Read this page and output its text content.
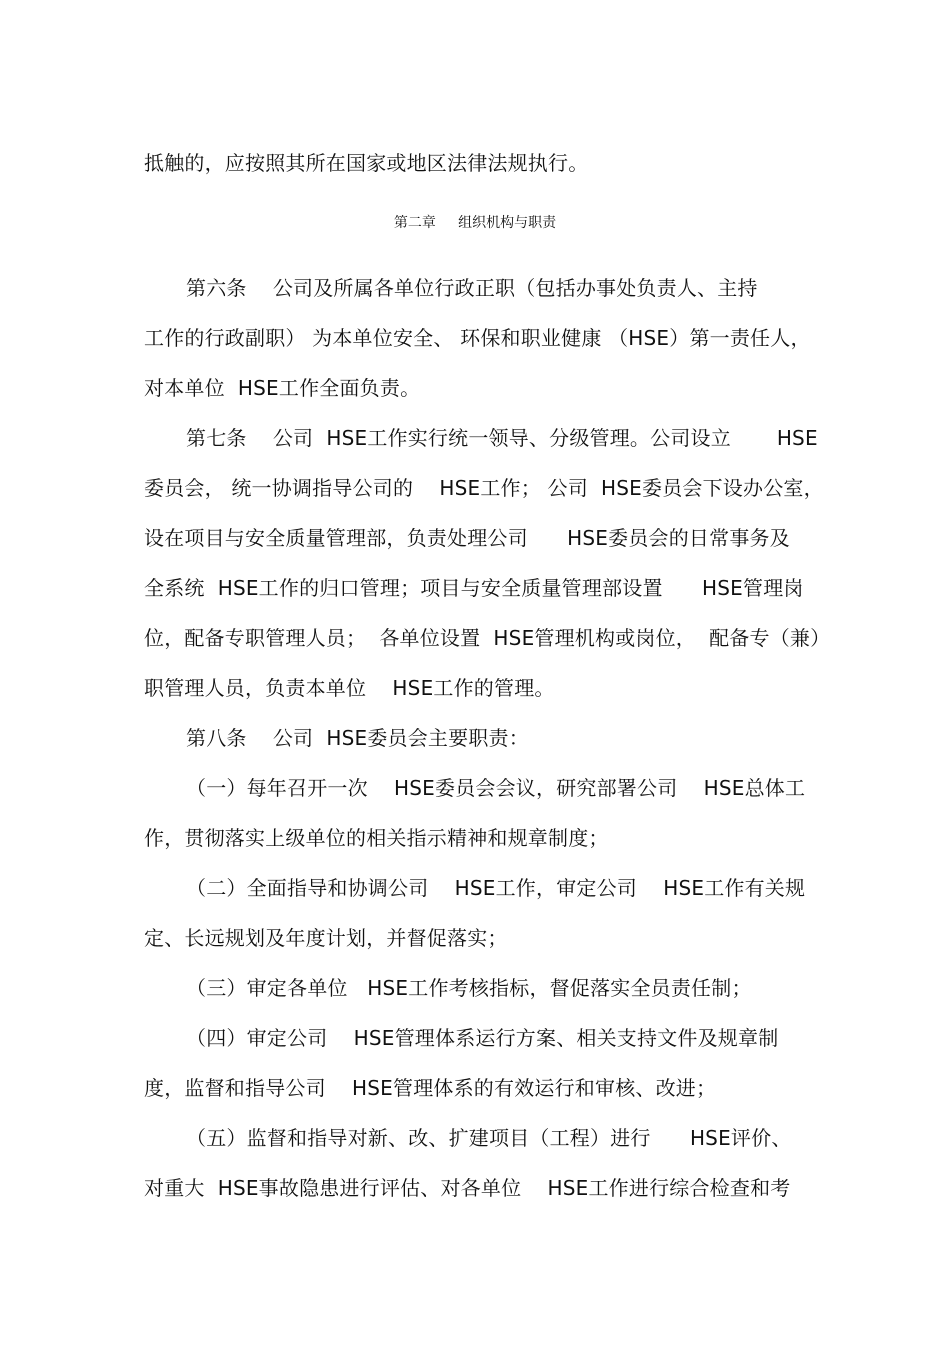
抵触的，应按照其所在国家或地区法律法规执行。
第二章     组织机构与职责
第六条    公司及所属各单位行政正职（包括办事处负责人、主持
工作的行政副职） 为本单位安全、 环保和职业健康 （HSE）第一责任人，
对本单位  HSE工作全面负责。
第七条    公司  HSE工作实行统一领导、分级管理。公司设立       HSE
委员会， 统一协调指导公司的    HSE工作； 公司  HSE委员会下设办公室，
设在项目与安全质量管理部，负责处理公司      HSE委员会的日常事务及
全系统  HSE工作的归口管理；项目与安全质量管理部设置      HSE管理岗
位，配备专职管理人员；  各单位设置  HSE管理机构或岗位，  配备专（兼）
职管理人员，负责本单位    HSE工作的管理。
第八条    公司  HSE委员会主要职责：
（一）每年召开一次    HSE委员会会议，研究部署公司    HSE总体工
作，贯彻落实上级单位的相关指示精神和规章制度；
（二）全面指导和协调公司    HSE工作，审定公司    HSE工作有关规
定、长远规划及年度计划，并督促落实；
（三）审定各单位   HSE工作考核指标，督促落实全员责任制；
（四）审定公司    HSE管理体系运行方案、相关支持文件及规章制
度，监督和指导公司    HSE管理体系的有效运行和审核、改进；
（五）监督和指导对新、改、扩建项目（工程）进行      HSE评价、
对重大  HSE事故隐患进行评估、对各单位    HSE工作进行综合检查和考
